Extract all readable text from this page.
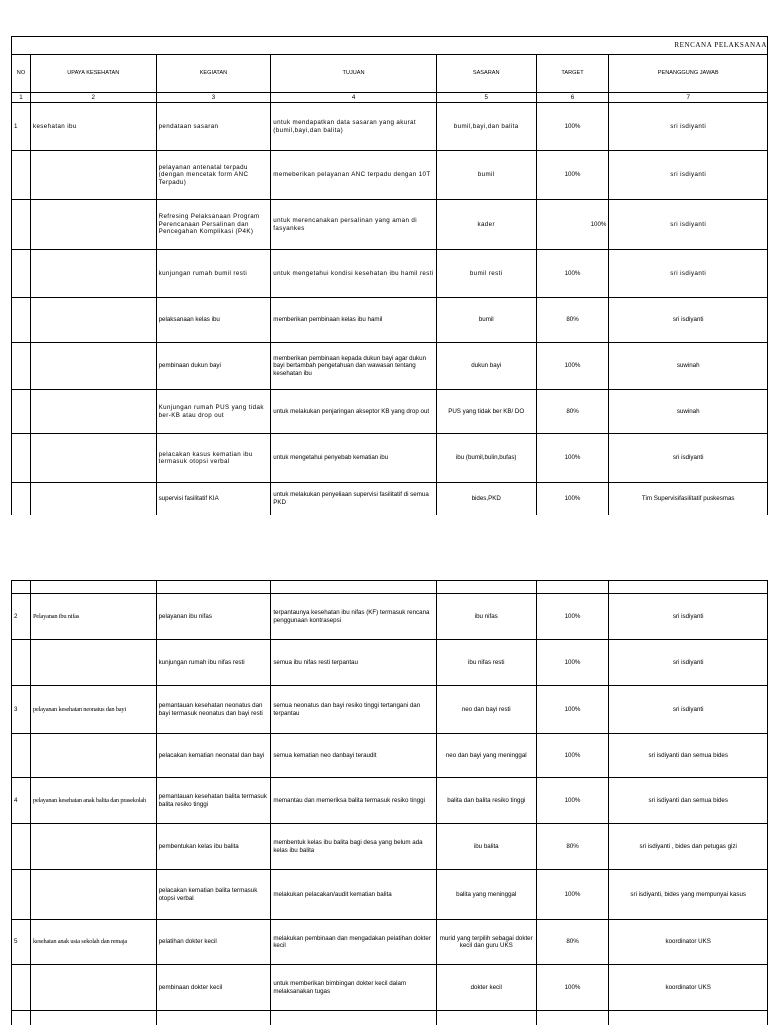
RENCANA PELAKSANAA						
NO	UPAYA KESEHATAN	KEGIATAN	TUJUAN	SASARAN	TARGET	PENANGGUNG JAWAB
1	2	3	4	5	6	7
1	kesehatan ibu	pendataan sasaran	untuk mendapatkan data sasaran yang akurat (bumil,bayi,dan balita)	bumil,bayi,dan balita	100%	sri isdiyanti
		pelayanan antenatal terpadu (dengan mencetak form ANC Terpadu)	memeberikan pelayanan ANC terpadu dengan 10T	bumil	100%	sri isdiyanti
		Refresing Pelaksanaan Program Perencanaan Persalinan dan Pencegahan Komplikasi (P4K)	untuk merencanakan persalinan yang aman di fasyankes	kader	100%	sri isdiyanti
		kunjungan rumah bumil resti	untuk mengetahui kondisi kesehatan ibu hamil resti	bumil resti	100%	sri isdiyanti
		pelaksanaan kelas ibu	memberikan pembinaan kelas ibu hamil	bumil	80%	sri isdiyanti
		pembinaan dukun bayi	memberikan pembinaan kepada dukun bayi agar dukun bayi bertambah pengetahuan dan wawasan tentang kesehatan ibu	dukun bayi	100%	suwinah
		Kunjungan rumah PUS yang tidak ber-KB atau drop out	untuk melakukan penjaringan akseptor KB yang drop out	PUS yang tidak ber KB/ DO	80%	suwinah
		pelacakan kasus kematian ibu termasuk otopsi verbal	untuk mengetahui penyebab kematian ibu	ibu (bumil,bulin,bufas)	100%	sri isdiyanti
		supervisi fasilitatif KIA	untuk melakukan penyeliaan supervisi fasilitatif di semua PKD	bides,PKD	100%	Tim Supervisifasilitatif puskesmas

2	Pelayanan ibu nifas	pelayanan ibu nifas	terpantaunya kesehatan ibu nifas (KF) termasuk rencana penggunaan kontrasepsi	ibu nifas	100%	sri isdiyanti
		kunjungan rumah ibu nifas resti	semua ibu nifas resti terpantau	ibu nifas resti	100%	sri isdiyanti
3	pelayanan kesehatan neonatus dan bayi	pemantauan kesehatan neonatus dan bayi termasuk neonatus dan bayi resti	semua neonatus dan bayi resiko tinggi tertangani dan terpantau	neo dan bayi resti	100%	sri isdiyanti
		pelacakan kematian neonatal dan bayi	semua kematian neo danbayi teraudit	neo dan bayi yang meninggal	100%	sri isdiyanti dan semua bides
4	pelayanan kesehatan anak balita dan prasekolah	pemantauan kesehatan balita termasuk balita resiko tinggi	memantau dan memeriksa balita termasuk resiko tinggi	balita dan balita resiko tinggi	100%	sri isdiyanti dan semua bides
		pembentukan kelas ibu balita	membentuk kelas ibu balita bagi desa yang belum ada kelas ibu balita	ibu balita	80%	sri isdiyanti , bides dan petugas gizi
		pelacakan kematian balita termasuk otopsi verbal	melakukan pelacakan/audit kematian balita	balita yang meninggal	100%	sri isdiyanti, bides yang mempunyai kasus
5	kesehatan anak usia sekolah dan remaja	pelatihan dokter kecil	melakukan pembinaan dan mengadakan pelatihan dokter kecil	murid yang terpilih sebagai dokter kecil dan guru UKS	80%	koordinator UKS
		pembinaan dokter kecil	untuk memberikan bimbingan dokter kecil dalam melaksanakan tugas	dokter kecil	100%	koordinator UKS
